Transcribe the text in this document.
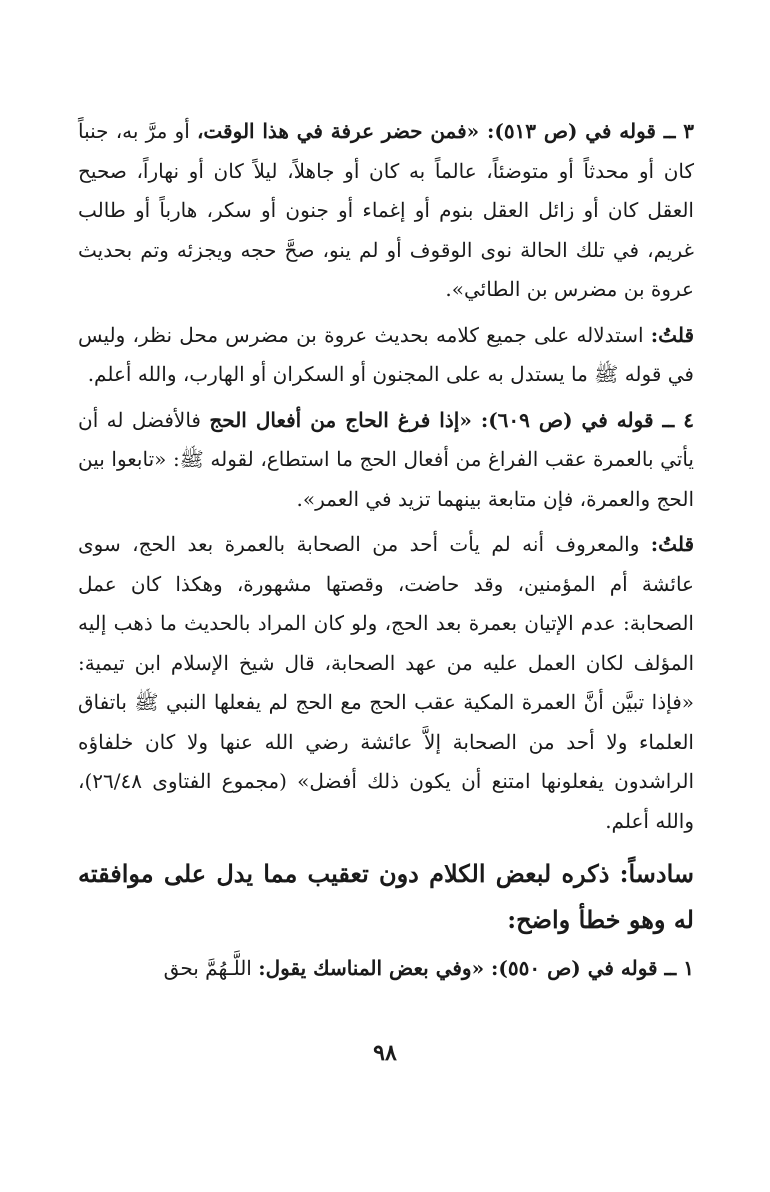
٣ ــ قوله في (ص ٥١٣): «فمن حضر عرفة في هذا الوقت، أو مرَّ به، جنباً كان أو محدثاً أو متوضئاً، عالماً به كان أو جاهلاً، ليلاً كان أو نهاراً، صحيح العقل كان أو زائل العقل بنوم أو إغماء أو جنون أو سكر، هارباً أو طالب غريم، في تلك الحالة نوى الوقوف أو لم ينو، صحَّ حجه ويجزئه وتم بحديث عروة بن مضرس بن الطائي».

قلتُ: استدلاله على جميع كلامه بحديث عروة بن مضرس محل نظر، وليس في قوله ﷺ ما يستدل به على المجنون أو السكران أو الهارب، والله أعلم.

٤ ــ قوله في (ص ٦٠٩): «إذا فرغ الحاج من أفعال الحج فالأفضل له أن يأتي بالعمرة عقب الفراغ من أفعال الحج ما استطاع، لقوله ﷺ: «تابعوا بين الحج والعمرة، فإن متابعة بينهما تزيد في العمر».

قلتُ: والمعروف أنه لم يأت أحد من الصحابة بالعمرة بعد الحج، سوى عائشة أم المؤمنين، وقد حاضت، وقصتها مشهورة، وهكذا كان عمل الصحابة: عدم الإتيان بعمرة بعد الحج، ولو كان المراد بالحديث ما ذهب إليه المؤلف لكان العمل عليه من عهد الصحابة، قال شيخ الإسلام ابن تيمية: «فإذا تبيَّن أنَّ العمرة المكية عقب الحج مع الحج لم يفعلها النبي ﷺ باتفاق العلماء ولا أحد من الصحابة إلاَّ عائشة رضي الله عنها ولا كان خلفاؤه الراشدون يفعلونها امتنع أن يكون ذلك أفضل» (مجموع الفتاوى ٢٦/٤٨)، والله أعلم.

سادساً: ذكره لبعض الكلام دون تعقيب مما يدل على موافقته له وهو خطأ واضح:

١ ــ قوله في (ص ٥٥٠): «وفي بعض المناسك يقول: اللَّـهُمَّ بحق

٩٨
